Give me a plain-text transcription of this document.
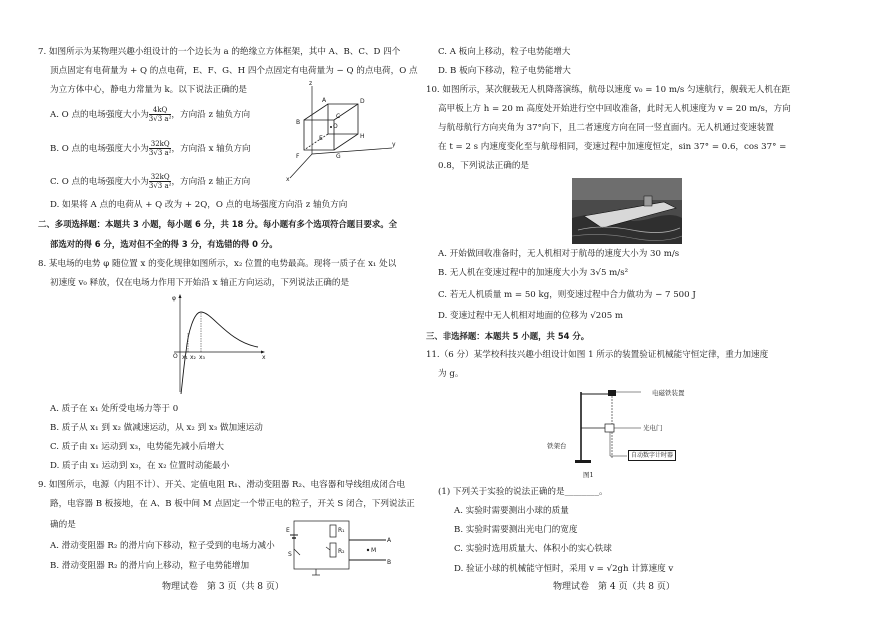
7. 如图所示为某物理兴趣小组设计的一个边长为 a 的绝缘立方体框架，其中 A、B、C、D 四个
顶点固定有电荷量为 + Q 的点电荷，E、F、G、H 四个点固定有电荷量为 − Q 的点电荷，O 点
为立方体中心，静电力常量为 k。以下说法正确的是
A. O 点的电场强度大小为 $\frac{4kQ}{\text{3√3 a²}}$ ，方向沿 z 轴负方向
B. O 点的电场强度大小为 $\frac{32kQ}{\text{3√3 a²}}$ ，方向沿 x 轴负方向
C. O 点的电场强度大小为 $\frac{32kQ}{\text{3√3 a²}}$ ，方向沿 z 轴正方向
D. 如果将 A 点的电荷从 + Q 改为 + 2Q，O 点的电场强度方向沿 z 轴负方向
z
D
C
B
A
H
E
O
y
F	G
x
二、多项选择题：本题共 3 小题，每小题 6 分，共 18 分。每小题有多个选项符合题目要求。全
部选对的得 6 分，选对但不全的得 3 分，有选错的得 0 分。
8. 某电场的电势 φ 随位置 x 的变化规律如图所示，x₂ 位置的电势最高。现将一质子在 x₁ 处以
初速度 v₀ 释放，仅在电场力作用下开始沿 x 轴正方向运动，下列说法正确的是
φ
O x₁ x₂ x₃	x
A. 质子在 x₁ 处所受电场力等于 0
B. 质子从 x₁ 到 x₂ 做减速运动，从 x₂ 到 x₃ 做加速运动
C. 质子由 x₁ 运动到 x₃，电势能先减小后增大
D. 质子由 x₁ 运动到 x₃，在 x₂ 位置时动能最小
9. 如图所示，电源（内阻不计）、开关、定值电阻 R₁、滑动变阻器 R₂、电容器和导线组成闭合电
路，电容器 B 板接地，在 A、B 板中间 M 点固定一个带正电的粒子，开关 S 闭合，下列说法正
确的是
A. 滑动变阻器 R₂ 的滑片向下移动，粒子受到的电场力减小
B. 滑动变阻器 R₂ 的滑片向上移动，粒子电势能增加
E
S
R₁
R₂
A
M
B
物理试卷　第 3 页（共 8 页）
C. A 板向上移动，粒子电势能增大
D. B 板向下移动，粒子电势能增大
10. 如图所示，某次舰载无人机降落演练，航母以速度 v₀ = 10 m/s 匀速航行，舰载无人机在距
高甲板上方 h = 20 m 高度处开始进行空中回收准备，此时无人机速度为 v = 20 m/s，方向
与航母航行方向夹角为 37°向下，且二者速度方向在同一竖直面内。无人机通过变速装置
在 t = 2 s 内速度变化至与航母相同，变速过程中加速度恒定，sin 37° = 0.6，cos 37° =
0.8，下列说法正确的是
A. 开始做回收准备时，无人机相对于航母的速度大小为 30 m/s
B. 无人机在变速过程中的加速度大小为 3√5 m/s²
C. 若无人机质量 m = 50 kg，则变速过程中合力做功为 − 7 500 J
D. 变速过程中无人机相对地面的位移为 √205 m
三、非选择题：本题共 5 小题，共 54 分。
11.（6 分）某学校科技兴趣小组设计如图 1 所示的装置验证机械能守恒定律，重力加速度
为 g。
电磁铁装置
光电门
铁架台
自动数字计时器
图1
(1) 下列关于实验的说法正确的是________。
A. 实验时需要测出小球的质量
B. 实验时需要测出光电门的宽度
C. 实验时选用质量大、体积小的实心铁球
D. 验证小球的机械能守恒时，采用 v = √2gh 计算速度 v
物理试卷　第 4 页（共 8 页）
